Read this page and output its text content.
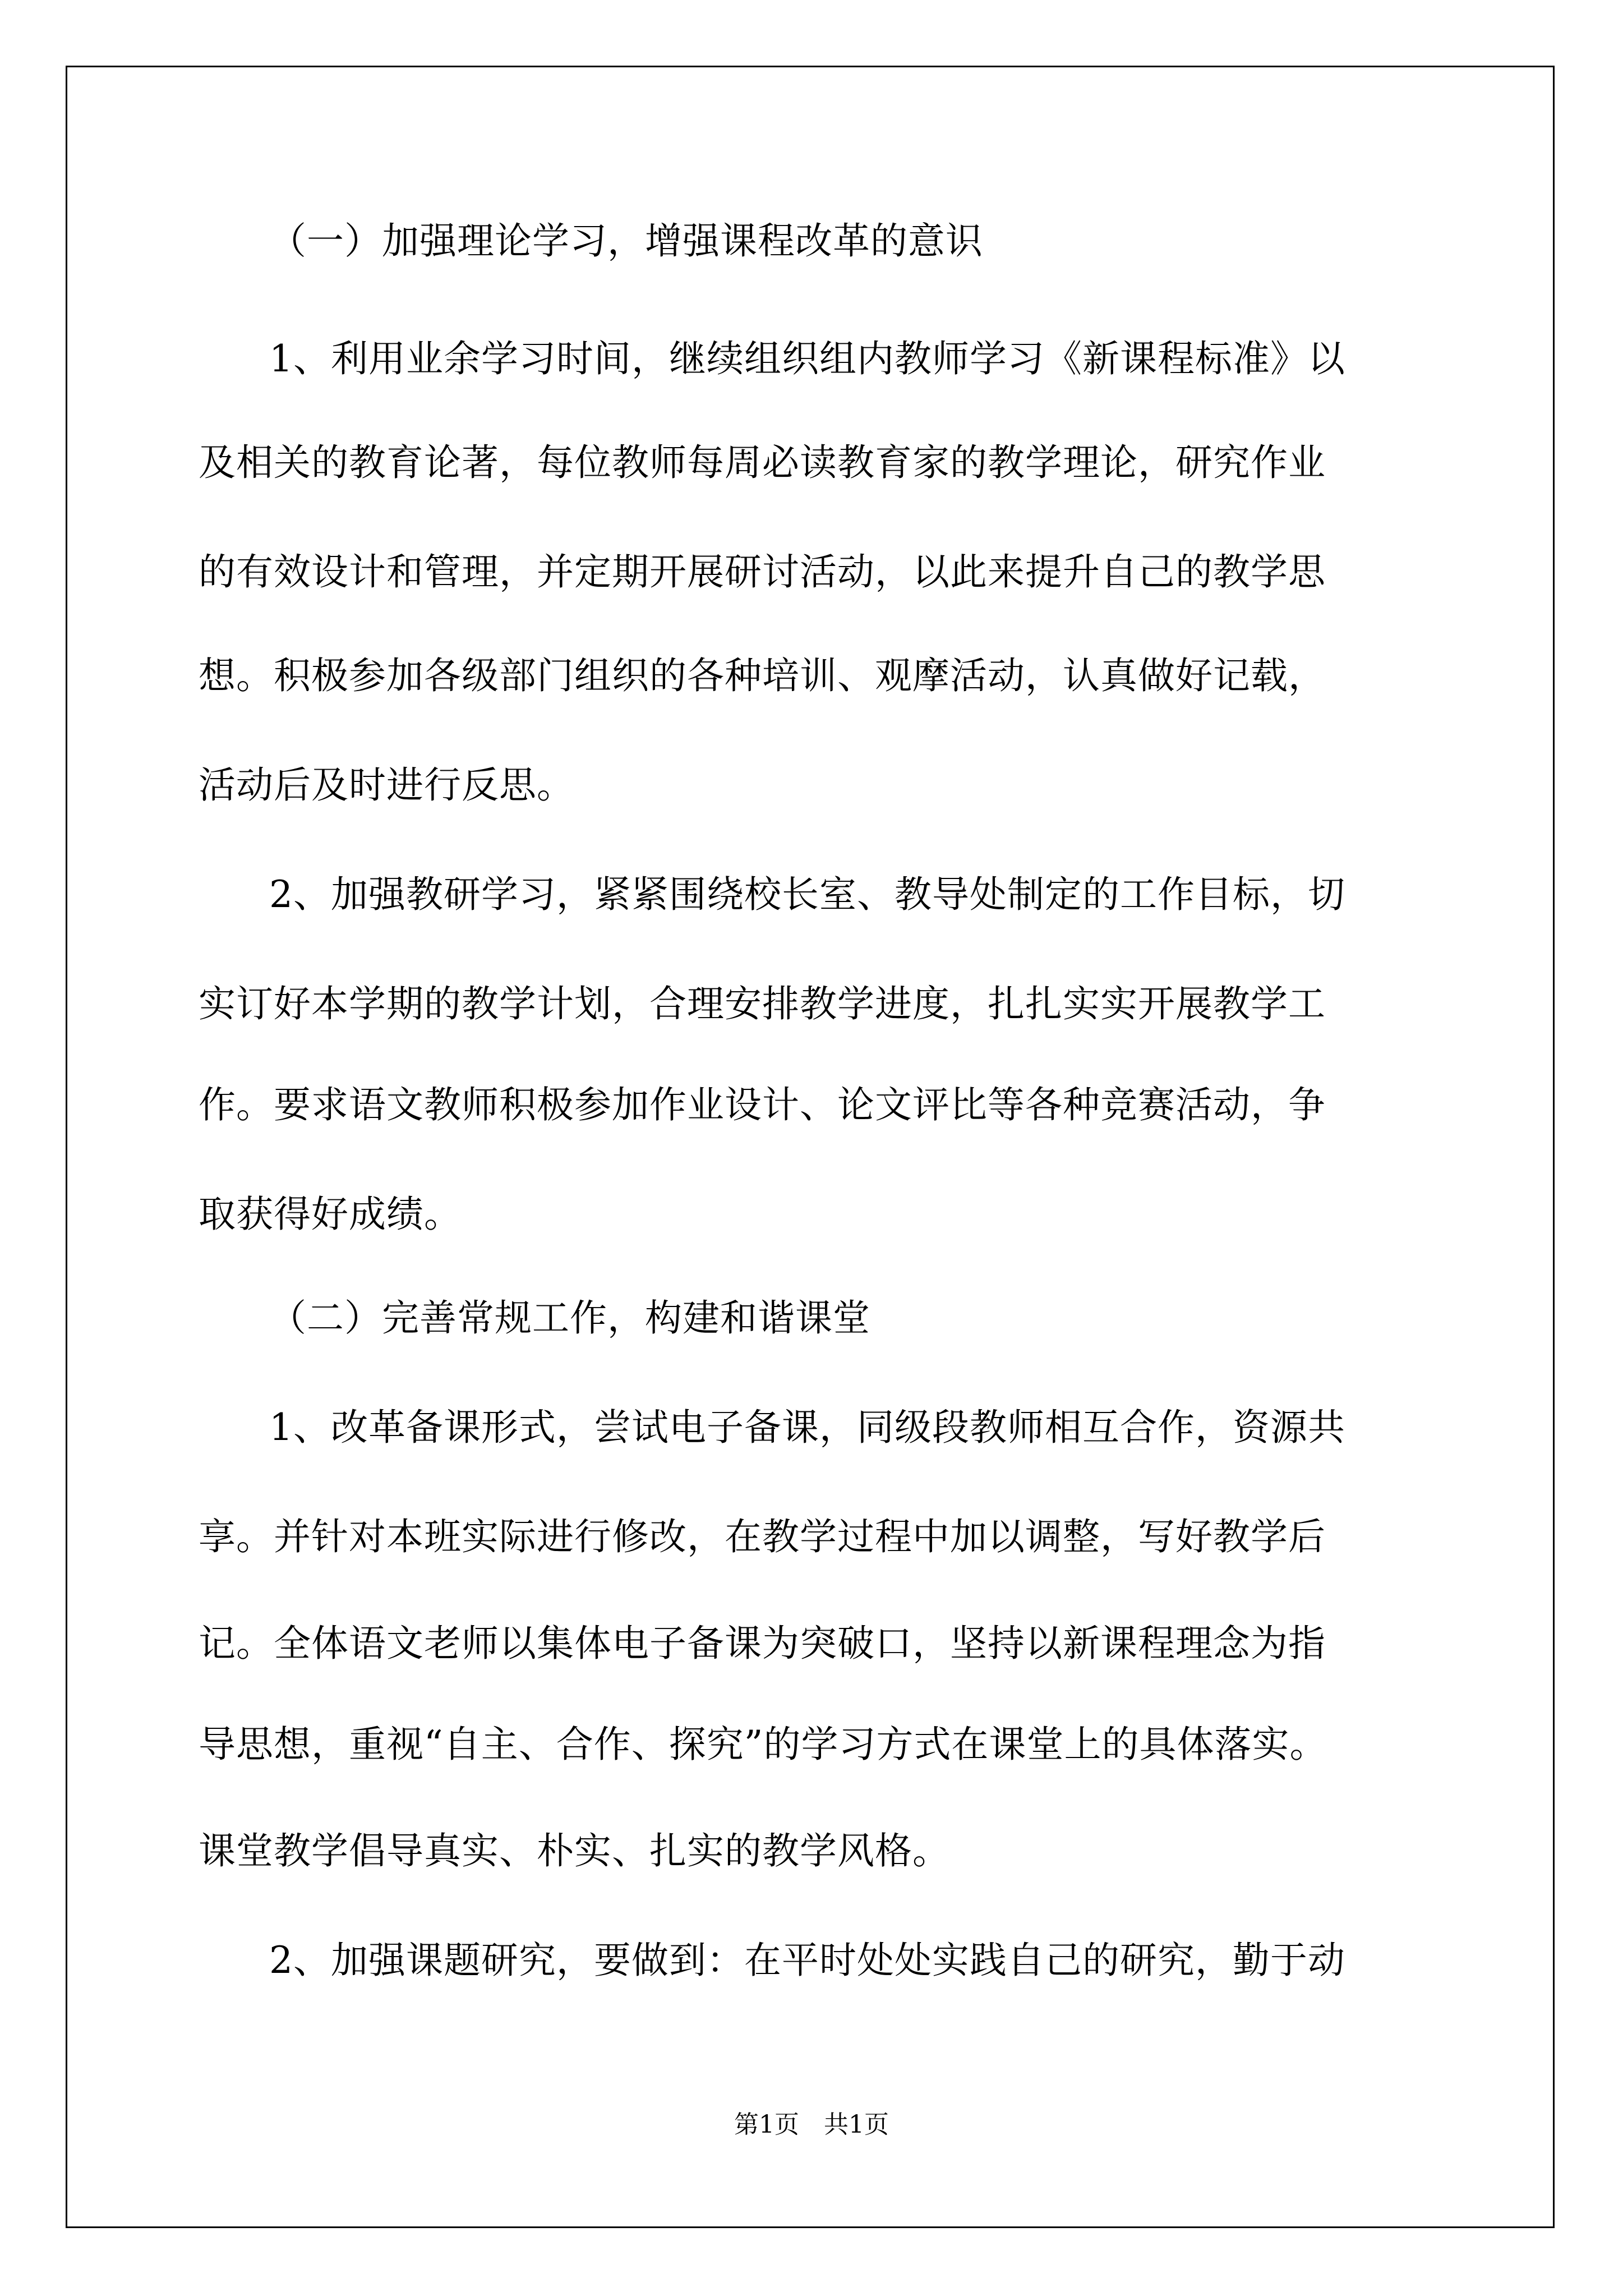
（一）加强理论学习，增强课程改革的意识
1、利用业余学习时间，继续组织组内教师学习《新课程标准》以
及相关的教育论著，每位教师每周必读教育家的教学理论，研究作业
的有效设计和管理，并定期开展研讨活动，以此来提升自己的教学思
想。积极参加各级部门组织的各种培训、观摩活动，认真做好记载，
活动后及时进行反思。
2、加强教研学习，紧紧围绕校长室、教导处制定的工作目标，切
实订好本学期的教学计划，合理安排教学进度，扎扎实实开展教学工
作。要求语文教师积极参加作业设计、论文评比等各种竞赛活动，争
取获得好成绩。
（二）完善常规工作，构建和谐课堂
1、改革备课形式，尝试电子备课，同级段教师相互合作，资源共
享。并针对本班实际进行修改，在教学过程中加以调整，写好教学后
记。全体语文老师以集体电子备课为突破口，坚持以新课程理念为指
导思想，重视“自主、合作、探究”的学习方式在课堂上的具体落实。
课堂教学倡导真实、朴实、扎实的教学风格。
2、加强课题研究，要做到：在平时处处实践自己的研究，勤于动
第1页 共1页
